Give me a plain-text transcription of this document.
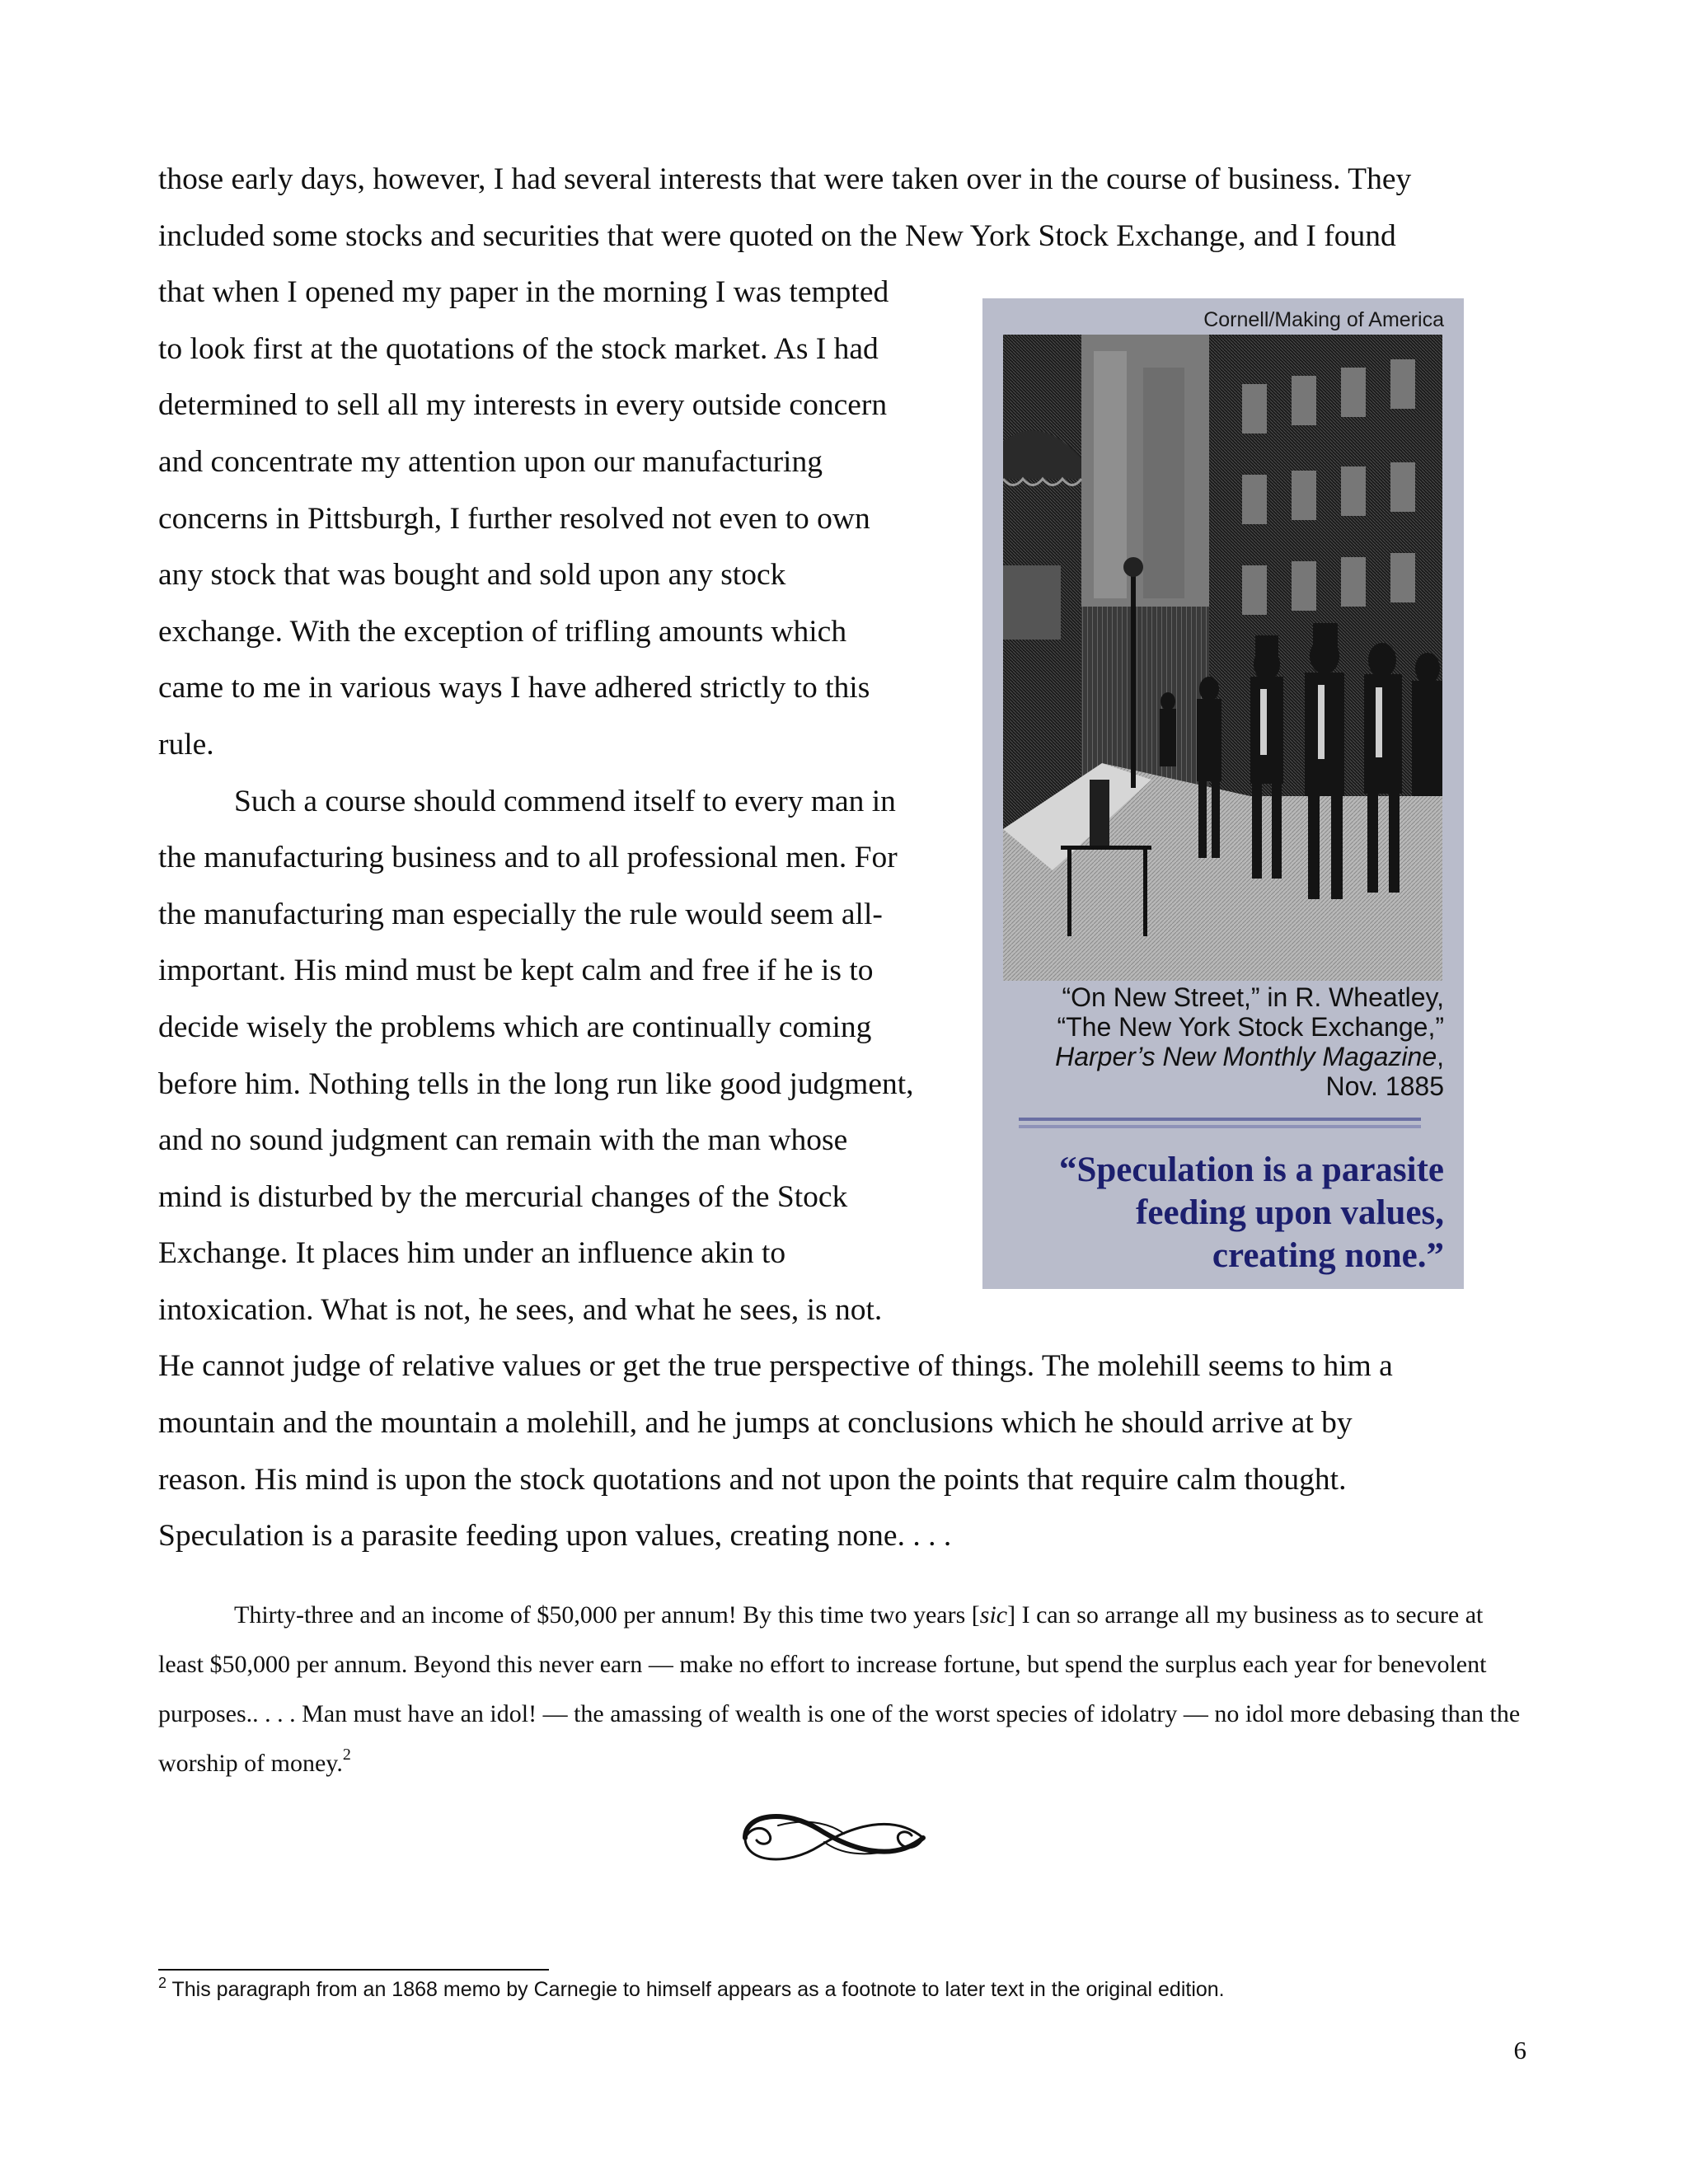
those early days, however, I had several interests that were taken over in the course of business. They
included some stocks and securities that were quoted on the New York Stock Exchange, and I found
that when I opened my paper in the morning I was tempted
to look first at the quotations of the stock market. As I had
determined to sell all my interests in every outside concern
and concentrate my attention upon our manufacturing
concerns in Pittsburgh, I further resolved not even to own
any stock that was bought and sold upon any stock
exchange. With the exception of trifling amounts which
came to me in various ways I have adhered strictly to this
rule.
Such a course should commend itself to every man in
the manufacturing business and to all professional men. For
the manufacturing man especially the rule would seem all-
important. His mind must be kept calm and free if he is to
decide wisely the problems which are continually coming
before him. Nothing tells in the long run like good judgment,
and no sound judgment can remain with the man whose
mind is disturbed by the mercurial changes of the Stock
Exchange. It places him under an influence akin to
intoxication. What is not, he sees, and what he sees, is not.
He cannot judge of relative values or get the true perspective of things. The molehill seems to him a
mountain and the mountain a molehill, and he jumps at conclusions which he should arrive at by
reason. His mind is upon the stock quotations and not upon the points that require calm thought.
Speculation is a parasite feeding upon values, creating none. . . .
Cornell/Making of America
“On New Street,” in R. Wheatley,
“The New York Stock Exchange,”
Harper’s New Monthly Magazine,
Nov. 1885
“Speculation is a parasite
feeding upon values,
creating none.”

Thirty-three and an income of $50,000 per annum! By this time two years [sic] I can so arrange all my business as to secure at least $50,000 per annum. Beyond this never earn — make no effort to increase fortune, but spend the surplus each year for benevolent purposes.. . . . Man must have an idol! — the amassing of wealth is one of the worst species of idolatry — no idol more debasing than the worship of money.$^2$

$^2$ This paragraph from an 1868 memo by Carnegie to himself appears as a footnote to later text in the original edition.
6
